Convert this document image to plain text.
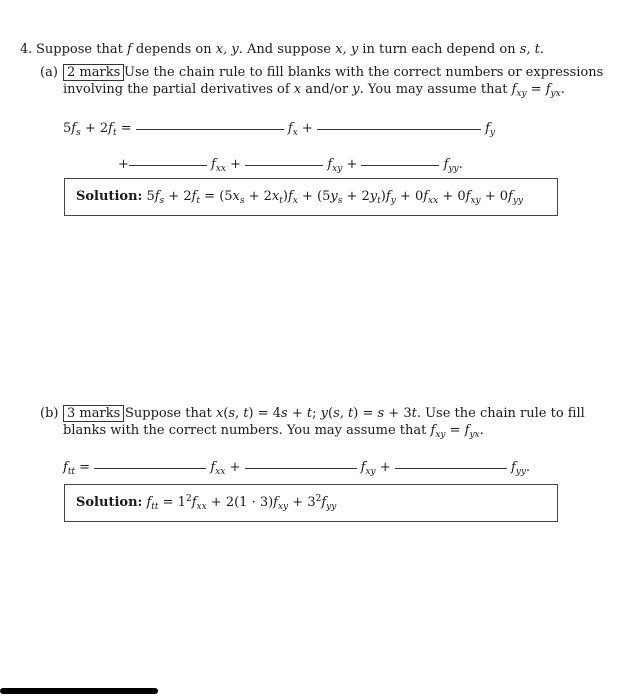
4. Suppose that f depends on x, y. And suppose x, y in turn each depend on s, t.
(a) 2 marks Use the chain rule to fill blanks with the correct numbers or expressions
involving the partial derivatives of x and/or y. You may assume that $f_{xy} = f_{yx}$.
$5f_s + 2f_t$ =	$f_x$ +	$f_y$
+	$f_{xx}$ +	$f_{xy}$ +	$f_{yy}$.
Solution: $5f_s + 2f_t = (5x_s + 2x_t)f_x + (5y_s + 2y_t)f_y + 0f_{xx} + 0f_{xy} + 0f_{yy}$
(b) 3 marks Suppose that x(s, t) = 4s + t; y(s, t) = s + 3t. Use the chain rule to fill
blanks with the correct numbers. You may assume that $f_{xy} = f_{yx}$.
$f_{tt}$ =	$f_{xx}$ +	$f_{xy}$ +	$f_{yy}$.
Solution: $f_{tt} = 1^2f_{xx} + 2(1 \cdot 3)f_{xy} + 3^2f_{yy}$
